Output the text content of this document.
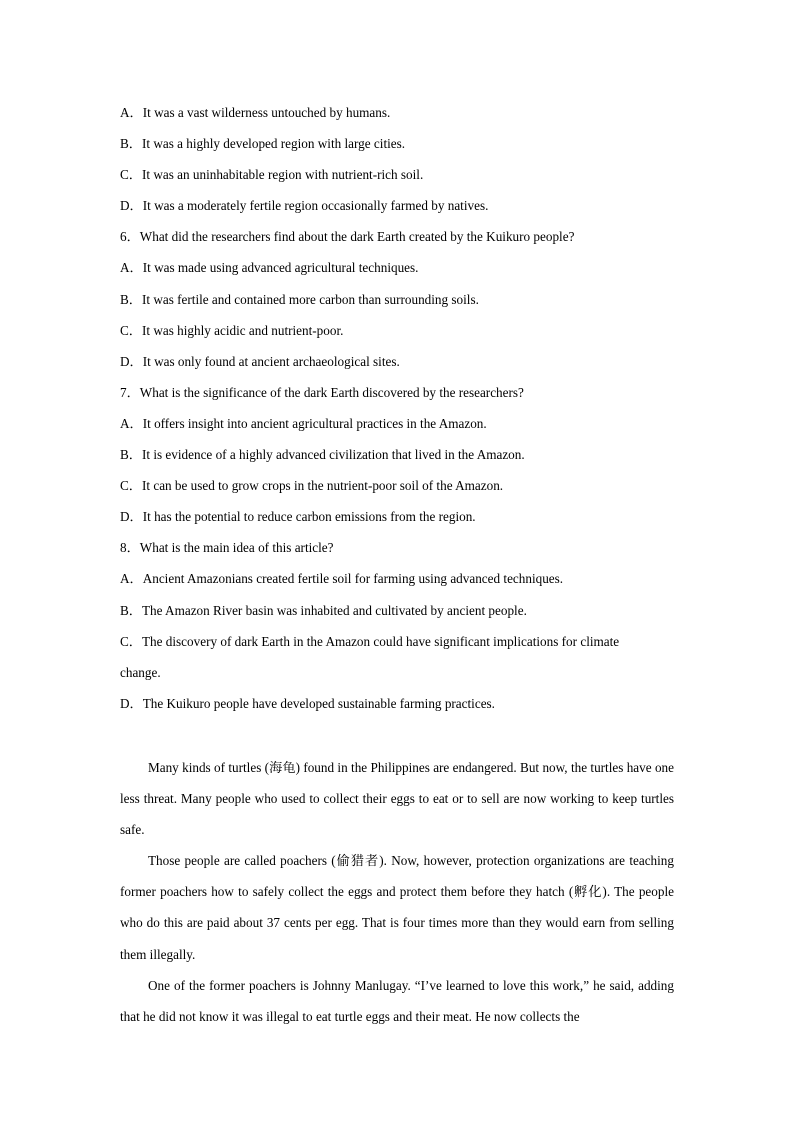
A．It was a vast wilderness untouched by humans.
B．It was a highly developed region with large cities.
C．It was an uninhabitable region with nutrient-rich soil.
D．It was a moderately fertile region occasionally farmed by natives.
6．What did the researchers find about the dark Earth created by the Kuikuro people?
A．It was made using advanced agricultural techniques.
B．It was fertile and contained more carbon than surrounding soils.
C．It was highly acidic and nutrient-poor.
D．It was only found at ancient archaeological sites.
7．What is the significance of the dark Earth discovered by the researchers?
A．It offers insight into ancient agricultural practices in the Amazon.
B．It is evidence of a highly advanced civilization that lived in the Amazon.
C．It can be used to grow crops in the nutrient-poor soil of the Amazon.
D．It has the potential to reduce carbon emissions from the region.
8．What is the main idea of this article?
A．Ancient Amazonians created fertile soil for farming using advanced techniques.
B．The Amazon River basin was inhabited and cultivated by ancient people.
C．The discovery of dark Earth in the Amazon could have significant implications for climate change.
D．The Kuikuro people have developed sustainable farming practices.

Many kinds of turtles (海龟) found in the Philippines are endangered. But now, the turtles have one less threat. Many people who used to collect their eggs to eat or to sell are now working to keep turtles safe.

Those people are called poachers (偷猎者). Now, however, protection organizations are teaching former poachers how to safely collect the eggs and protect them before they hatch (孵化). The people who do this are paid about 37 cents per egg. That is four times more than they would earn from selling them illegally.

One of the former poachers is Johnny Manlugay. “I’ve learned to love this work,” he said, adding that he did not know it was illegal to eat turtle eggs and their meat. He now collects the
